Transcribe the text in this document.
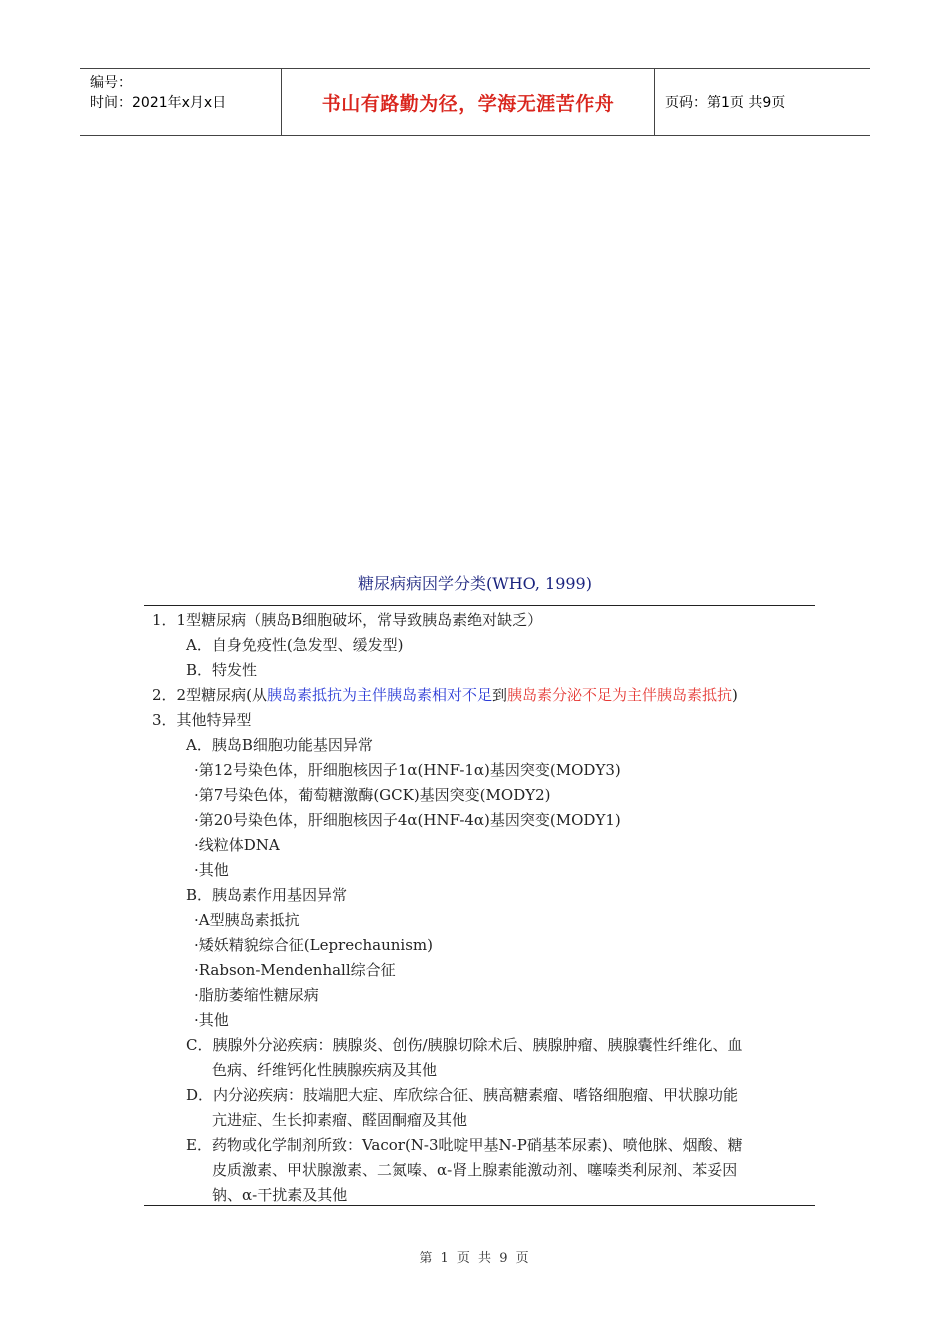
编号：
时间：2021年x月x日	书山有路勤为径，学海无涯苦作舟	页码：第1页 共9页
糖尿病病因学分类(WHO, 1999)
1．1型糖尿病（胰岛B细胞破坏，常导致胰岛素绝对缺乏）
A．自身免疫性(急发型、缓发型)
B．特发性
2．2型糖尿病(从胰岛素抵抗为主伴胰岛素相对不足到胰岛素分泌不足为主伴胰岛素抵抗)
3．其他特异型
A．胰岛B细胞功能基因异常
·第12号染色体，肝细胞核因子1α(HNF-1α)基因突变(MODY3)
·第7号染色体，葡萄糖激酶(GCK)基因突变(MODY2)
·第20号染色体，肝细胞核因子4α(HNF-4α)基因突变(MODY1)
·线粒体DNA
·其他
B．胰岛素作用基因异常
·A型胰岛素抵抗
·矮妖精貌综合征(Leprechaunism)
·Rabson-Mendenhall综合征
·脂肪萎缩性糖尿病
·其他
C．胰腺外分泌疾病：胰腺炎、创伤/胰腺切除术后、胰腺肿瘤、胰腺囊性纤维化、血
色病、纤维钙化性胰腺疾病及其他
D．内分泌疾病：肢端肥大症、库欣综合征、胰高糖素瘤、嗜铬细胞瘤、甲状腺功能
亢进症、生长抑素瘤、醛固酮瘤及其他
E．药物或化学制剂所致：Vacor(N-3吡啶甲基N-P硝基苯尿素)、喷他脒、烟酸、糖
皮质激素、甲状腺激素、二氮嗪、α-肾上腺素能激动剂、噻嗪类利尿剂、苯妥因
钠、α-干扰素及其他
第 1 页 共 9 页
